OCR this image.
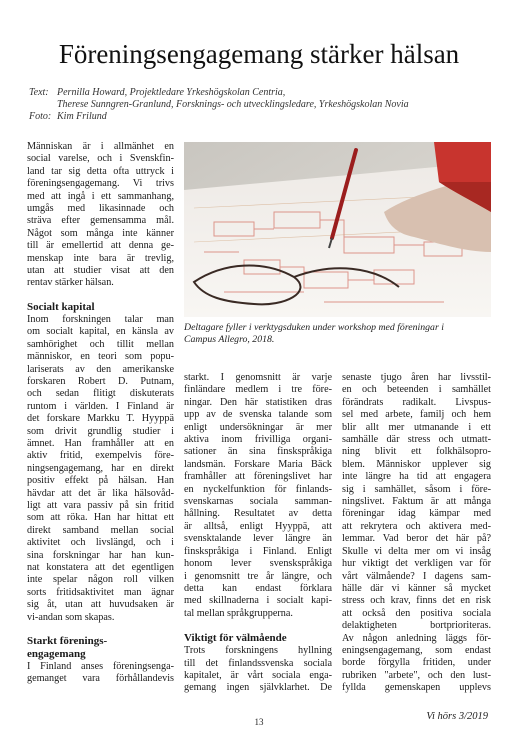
Föreningsengagemang stärker hälsan
Text: Pernilla Howard, Projektledare Yrkeshögskolan Centria,
Therese Sunngren-Granlund, Forsknings- och utvecklingsledare, Yrkeshögskolan Novia
Foto: Kim Frilund
Deltagare fyller i verktygsduken under workshop med föreningar i
Campus Allegro, 2018.

Människan är i allmänhet en
social varelse, och i Svenskfin-
land tar sig detta ofta uttryck i
föreningsengagemang. Vi trivs
med att ingå i ett sammanhang,
umgås med likasinnade och
sträva efter gemensamma mål.
Något som många inte känner
till är emellertid att denna ge-
menskap inte bara är trevlig,
utan att studier visat att den
rentav stärker hälsan.

Socialt kapital

Inom forskningen talar man
om socialt kapital, en känsla av
samhörighet och tillit mellan
människor, en teori som popu-
lariserats av den amerikanske
forskaren Robert D. Putnam,
och sedan flitigt diskuterats
runtom i världen. I Finland är
det forskare Markku T. Hyyppä
som drivit grundlig studier i
ämnet. Han framhåller att en
aktiv fritid, exempelvis före-
ningsengagemang, har en direkt
positiv effekt på hälsan. Han
hävdar att det är lika hälsovåd-
ligt att vara passiv på sin fritid
som att röka. Han har hittat ett
direkt samband mellan social
aktivitet och livslängd, och i
sina forskningar har han kun-
nat konstatera att det egentligen
inte spelar någon roll vilken
sorts fritidsaktivitet man ägnar
sig åt, utan att huvudsaken är
vi-andan som skapas.

Starkt förenings-
engagemang

I Finland anses föreningsenga-
gemanget vara förhållandevis

starkt. I genomsnitt är varje
finländare medlem i tre före-
ningar. Den här statistiken dras
upp av de svenska talande som
enligt undersökningar är mer
aktiva inom frivilliga organi-
sationer än sina finskspråkiga
landsmän. Forskare Maria Bäck
framhåller att föreningslivet har
en nyckelfunktion för finlands-
svenskarnas sociala samman-
hållning. Resultatet av detta
är alltså, enligt Hyyppä, att
svensktalande lever längre än
finskspråkiga i Finland. Enligt
honom lever svenskspråkiga
i genomsnitt tre år längre, och
detta kan endast förklara
med skillnaderna i socialt kapi-
tal mellan språkgrupperna.

Viktigt för välmående

Trots forskningens hyllning
till det finlandssvenska sociala
kapitalet, är vårt sociala enga-
gemang ingen självklarhet. De

senaste tjugo åren har livsstil-
en och beteenden i samhället
förändrats radikalt. Livspus-
sel med arbete, familj och hem
blir allt mer utmanande i ett
samhälle där stress och utmatt-
ning blivit ett folkhälsopro-
blem. Människor upplever sig
inte längre ha tid att engagera
sig i samhället, såsom i före-
ningslivet. Faktum är att många
föreningar idag kämpar med
att rekrytera och aktivera med-
lemmar. Vad beror det här på?
Skulle vi delta mer om vi insåg
hur viktigt det verkligen var för
vårt välmående? I dagens sam-
hälle där vi känner så mycket
stress och krav, finns det en risk
att också den positiva sociala
delaktigheten bortprioriteras.
Av någon anledning läggs för-
eningsengagemang, som endast
borde förgylla fritiden, under
rubriken "arbete", och den lust-
fyllda gemenskapen upplevs

13	Vi hörs 3/2019
